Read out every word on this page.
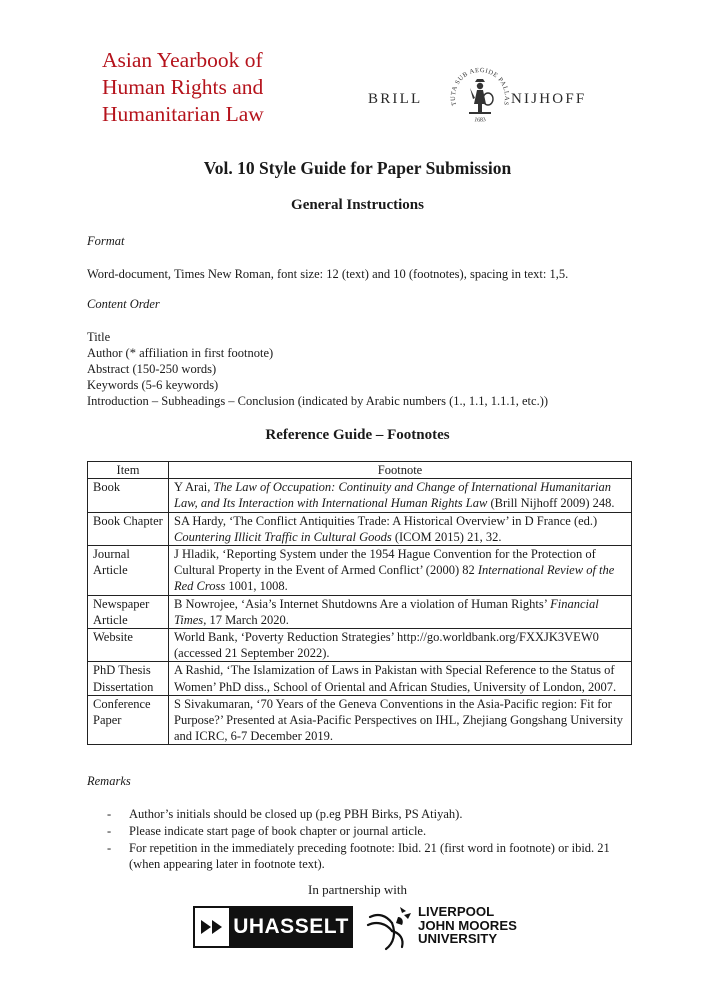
Asian Yearbook of
Human Rights and
Humanitarian Law
BRILL	TUTA SUB AEGIDE PALLAS
1683
NIJHOFF
Vol. 10 Style Guide for Paper Submission
General Instructions
Format
Word-document, Times New Roman, font size: 12 (text) and 10 (footnotes), spacing in text: 1,5.
Content Order
Title
Author (* affiliation in first footnote)
Abstract (150-250 words)
Keywords (5-6 keywords)
Introduction – Subheadings – Conclusion (indicated by Arabic numbers (1., 1.1, 1.1.1, etc.))
Reference Guide – Footnotes
Item	Footnote
Book	Y Arai, The Law of Occupation: Continuity and Change of International Humanitarian Law, and Its Interaction with International Human Rights Law (Brill Nijhoff 2009) 248.
Book Chapter	SA Hardy, ‘The Conflict Antiquities Trade: A Historical Overview’ in D France (ed.) Countering Illicit Traffic in Cultural Goods (ICOM 2015) 21, 32.
Journal Article	J Hladik, ‘Reporting System under the 1954 Hague Convention for the Protection of Cultural Property in the Event of Armed Conflict’ (2000) 82 International Review of the Red Cross 1001, 1008.
Newspaper Article	B Nowrojee, ‘Asia’s Internet Shutdowns Are a violation of Human Rights’ Financial Times, 17 March 2020.
Website	World Bank, ‘Poverty Reduction Strategies’ http://go.worldbank.org/FXXJK3VEW0 (accessed 21 September 2022).
PhD Thesis Dissertation	A Rashid, ‘The Islamization of Laws in Pakistan with Special Reference to the Status of Women’ PhD diss., School of Oriental and African Studies, University of London, 2007.
Conference Paper	S Sivakumaran, ‘70 Years of the Geneva Conventions in the Asia-Pacific region: Fit for Purpose?’ Presented at Asia-Pacific Perspectives on IHL, Zhejiang Gongshang University and ICRC, 6-7 December 2019.
Remarks
- Author’s initials should be closed up (p.eg PBH Birks, PS Atiyah).
- Please indicate start page of book chapter or journal article.
- For repetition in the immediately preceding footnote: Ibid. 21 (first word in footnote) or ibid. 21 (when appearing later in footnote text).
In partnership with
UHASSELT
LIVERPOOL
JOHN MOORES
UNIVERSITY
